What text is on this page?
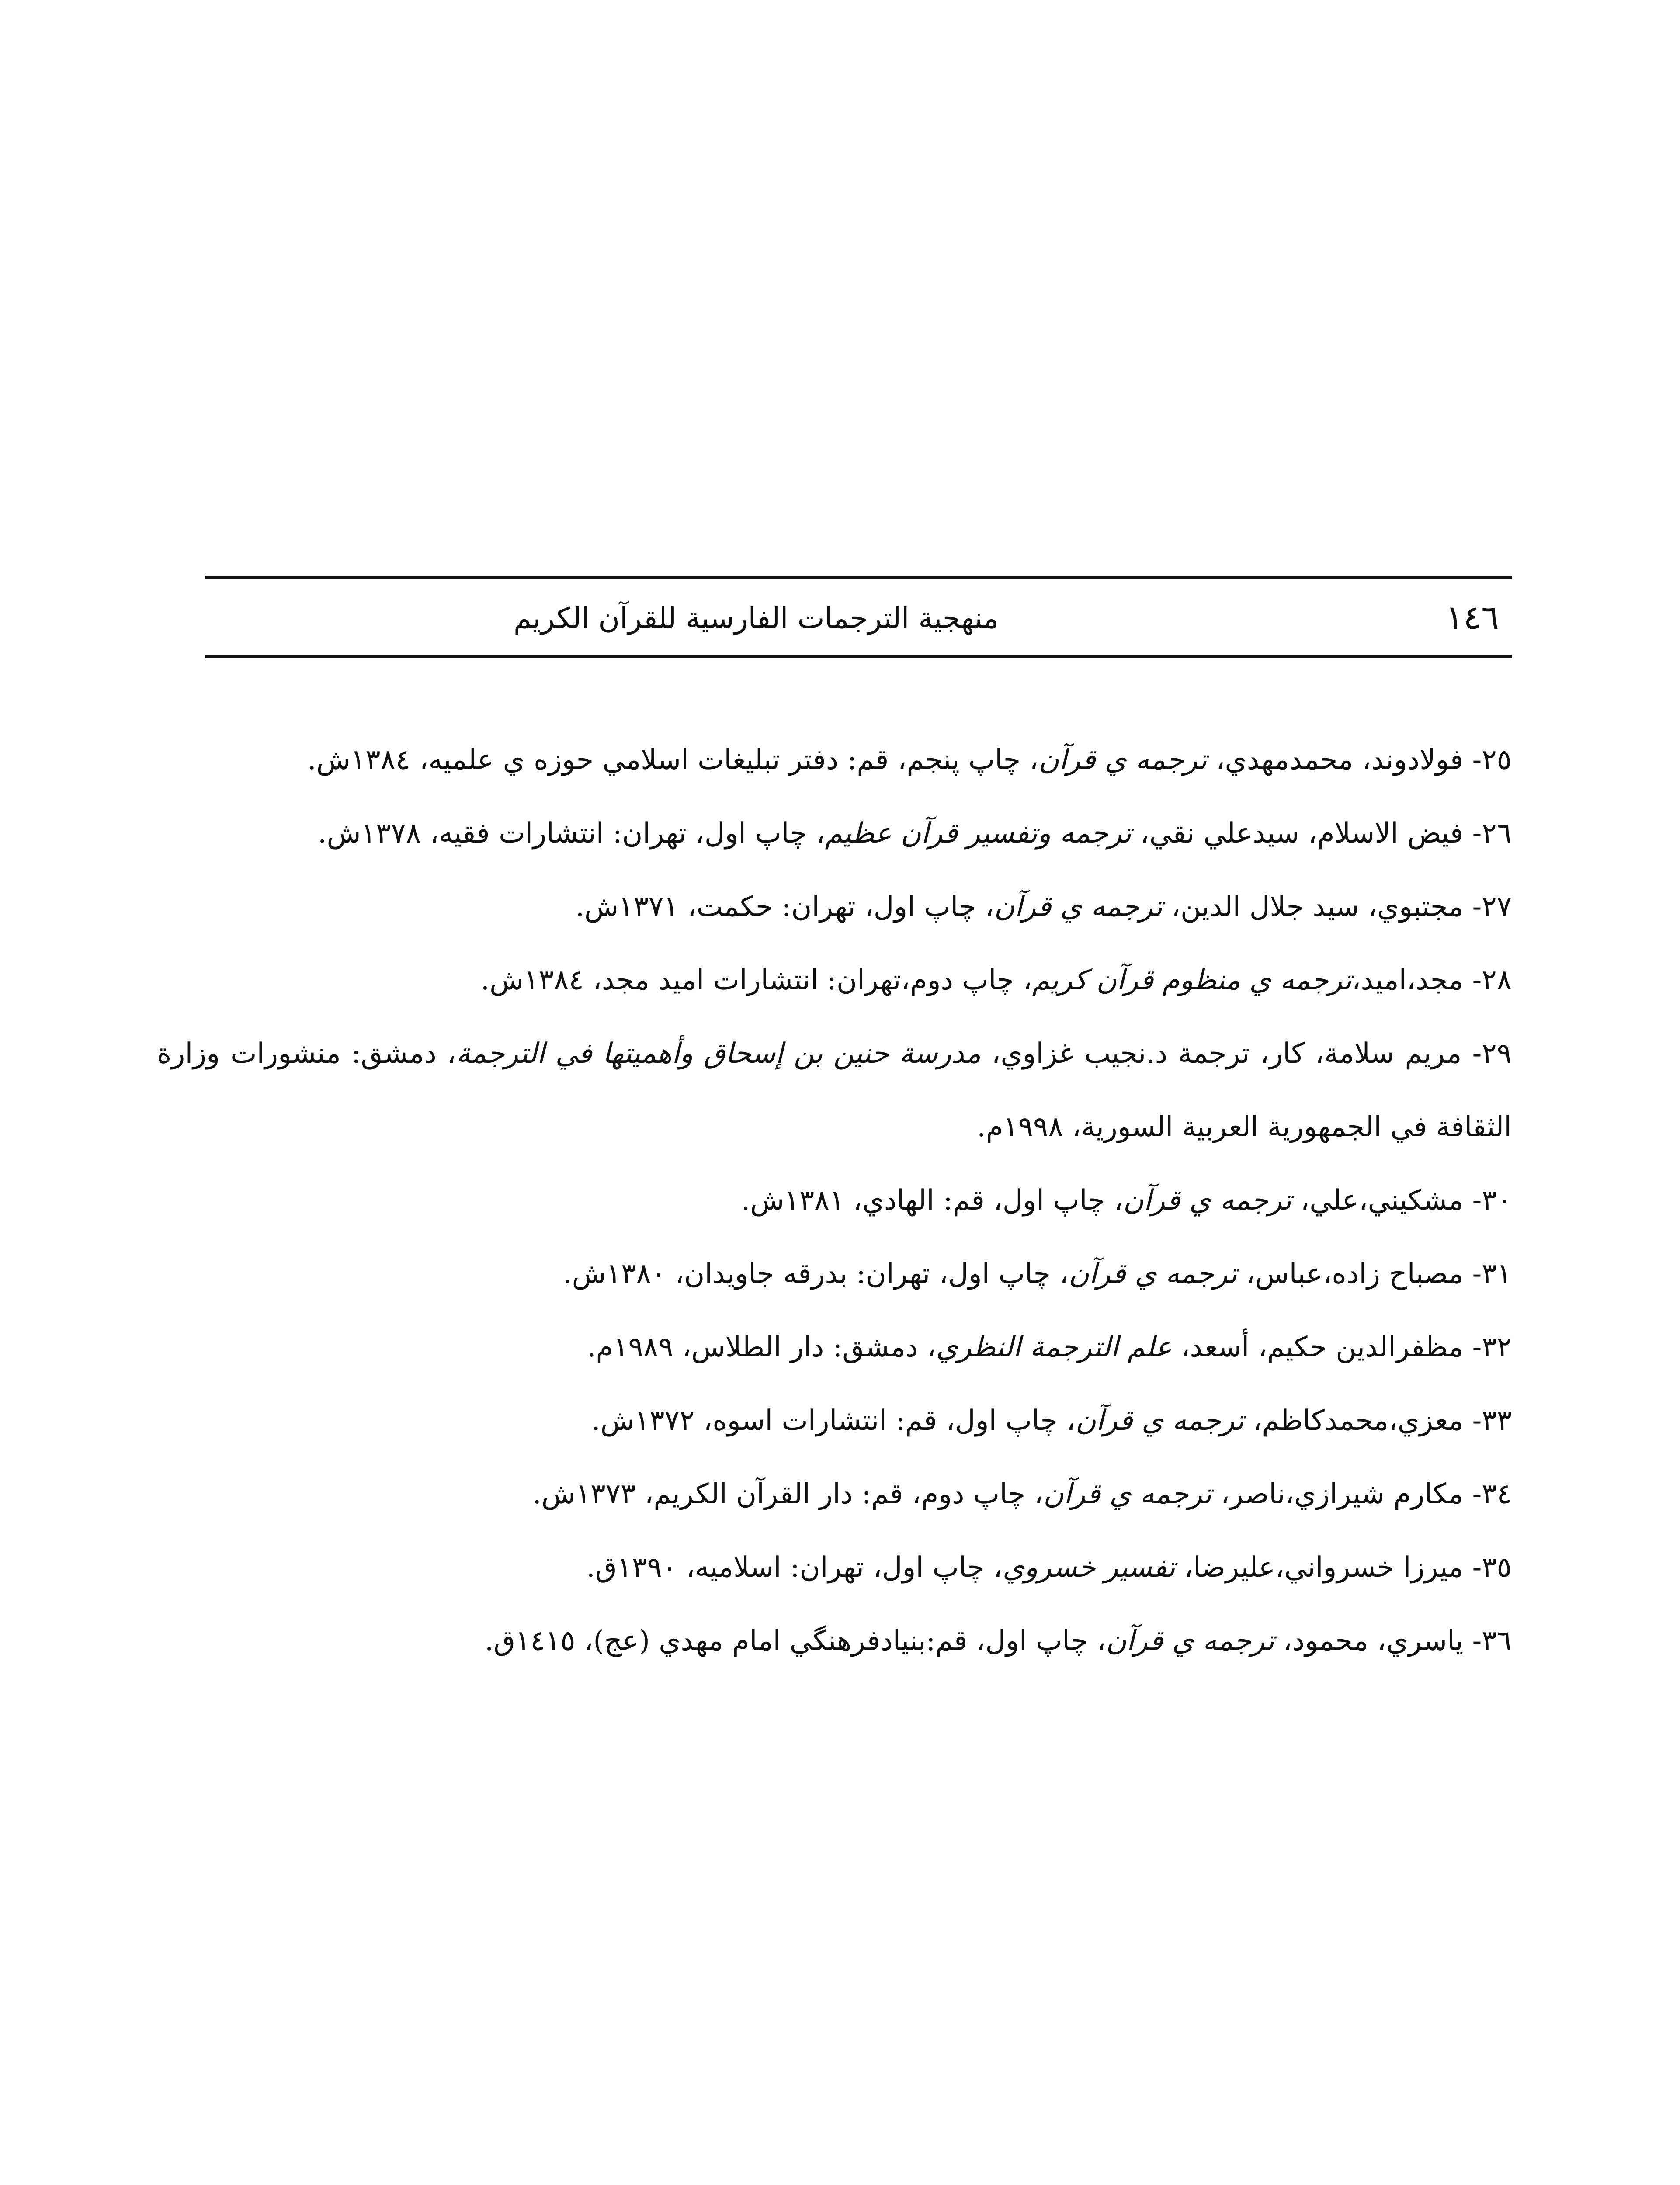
١٤٦
منهجية الترجمات الفارسية للقرآن الكريم

٢٥- فولادوند، محمدمهدي، ترجمه ي قرآن، چاپ پنجم، قم: دفتر تبليغات اسلامي حوزه ي علميه، ١٣٨٤ش.

٢٦- فيض الاسلام، سيدعلي نقي، ترجمه وتفسير قرآن عظيم، چاپ اول، تهران: انتشارات فقيه، ١٣٧٨ش.

٢٧- مجتبوي، سيد جلال الدين، ترجمه ي قرآن، چاپ اول، تهران: حكمت، ١٣٧١ش.

٢٨- مجد،اميد،ترجمه ي منظوم قرآن كريم، چاپ دوم،تهران: انتشارات اميد مجد، ١٣٨٤ش.

٢٩- مريم سلامة، كار، ترجمة د.نجيب غزاوي، مدرسة حنين بن إسحاق وأهميتها في الترجمة، دمشق: منشورات وزارة الثقافة في الجمهورية العربية السورية، ١٩٩٨م.

٣٠- مشكيني،علي، ترجمه ي قرآن، چاپ اول، قم: الهادي، ١٣٨١ش.

٣١- مصباح زاده،عباس، ترجمه ي قرآن، چاپ اول، تهران: بدرقه جاويدان، ١٣٨٠ش.

٣٢- مظفرالدين حكيم، أسعد، علم الترجمة النظري، دمشق: دار الطلاس، ١٩٨٩م.

٣٣- معزي،محمدكاظم، ترجمه ي قرآن، چاپ اول، قم: انتشارات اسوه، ١٣٧٢ش.

٣٤- مكارم شيرازي،ناصر، ترجمه ي قرآن، چاپ دوم، قم: دار القرآن الكريم، ١٣٧٣ش.

٣٥- ميرزا خسرواني،عليرضا، تفسير خسروي، چاپ اول، تهران: اسلاميه، ١٣٩٠ق.

٣٦- ياسري، محمود، ترجمه ي قرآن، چاپ اول، قم:بنيادفرهنگي امام مهدي (عج)، ١٤١٥ق.
